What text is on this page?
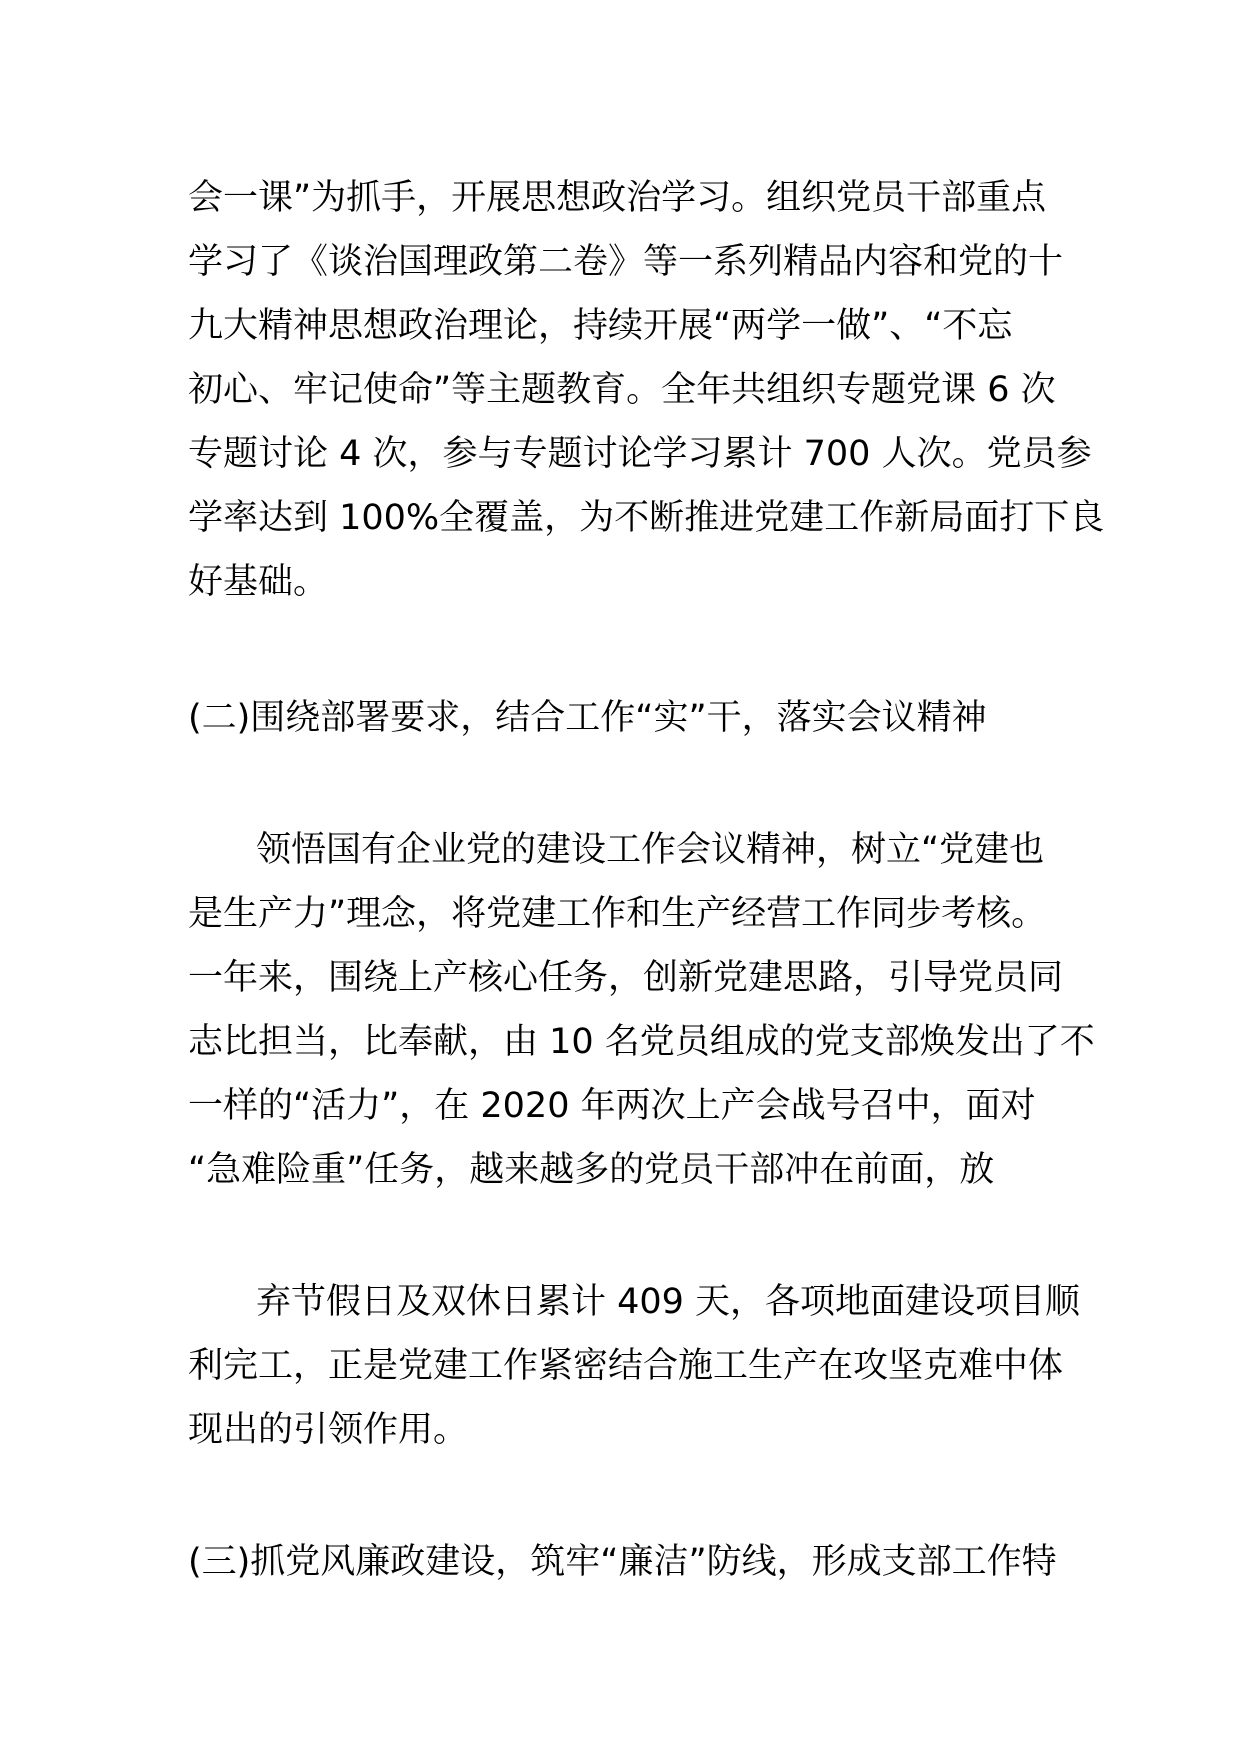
会一课”为抓手，开展思想政治学习。组织党员干部重点
学习了《谈治国理政第二卷》等一系列精品内容和党的十
九大精神思想政治理论，持续开展“两学一做”、“不忘
初心、牢记使命”等主题教育。全年共组织专题党课 6 次
专题讨论 4 次，参与专题讨论学习累计 700 人次。党员参
学率达到 100%全覆盖，为不断推进党建工作新局面打下良
好基础。
(二)围绕部署要求，结合工作“实”干，落实会议精神
领悟国有企业党的建设工作会议精神，树立“党建也
是生产力”理念，将党建工作和生产经营工作同步考核。
一年来，围绕上产核心任务，创新党建思路，引导党员同
志比担当，比奉献，由 10 名党员组成的党支部焕发出了不
一样的“活力”，在 2020 年两次上产会战号召中，面对
“急难险重”任务，越来越多的党员干部冲在前面，放
弃节假日及双休日累计 409 天，各项地面建设项目顺
利完工，正是党建工作紧密结合施工生产在攻坚克难中体
现出的引领作用。
(三)抓党风廉政建设，筑牢“廉洁”防线，形成支部工作特
